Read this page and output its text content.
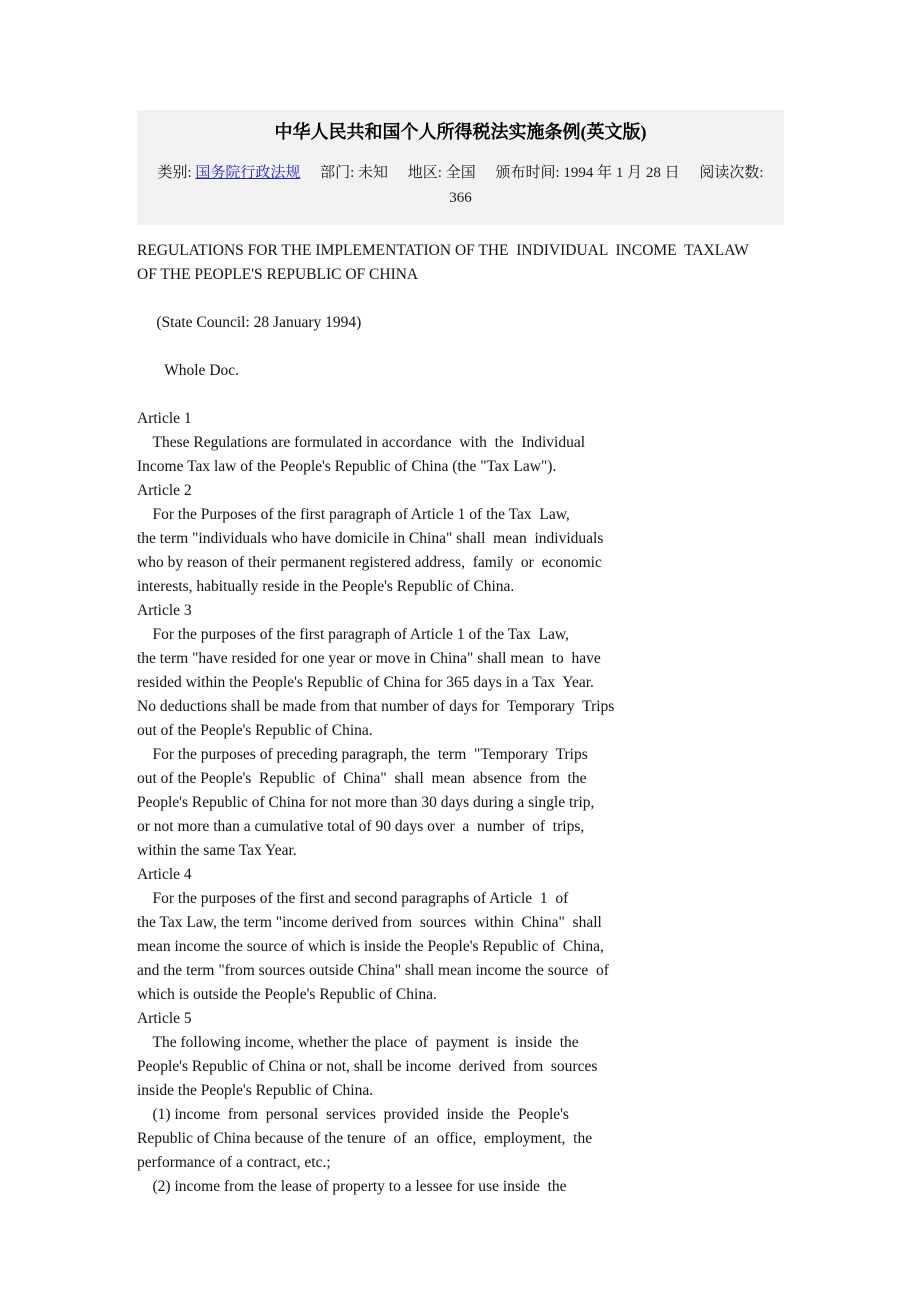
中华人民共和国个人所得税法实施条例(英文版)
类别: 国务院行政法规 部门: 未知 地区: 全国 颁布时间: 1994 年 1 月 28 日 阅读次数:
366
REGULATIONS FOR THE IMPLEMENTATION OF THE  INDIVIDUAL  INCOME  TAXLAW
OF THE PEOPLE'S REPUBLIC OF CHINA
(State Council: 28 January 1994)
Whole Doc.
Article 1
These Regulations are formulated in accordance  with  the  Individual
Income Tax law of the People's Republic of China (the "Tax Law").
Article 2
For the Purposes of the first paragraph of Article 1 of the Tax  Law,
the term "individuals who have domicile in China" shall  mean  individuals
who by reason of their permanent registered address,  family  or  economic
interests, habitually reside in the People's Republic of China.
Article 3
For the purposes of the first paragraph of Article 1 of the Tax  Law,
the term "have resided for one year or move in China" shall mean  to  have
resided within the People's Republic of China for 365 days in a Tax  Year.
No deductions shall be made from that number of days for  Temporary  Trips
out of the People's Republic of China.
For the purposes of preceding paragraph, the  term  "Temporary  Trips
out of the People's  Republic  of  China"  shall  mean  absence  from  the
People's Republic of China for not more than 30 days during a single trip,
or not more than a cumulative total of 90 days over  a  number  of  trips,
within the same Tax Year.
Article 4
For the purposes of the first and second paragraphs of Article  1  of
the Tax Law, the term "income derived from  sources  within  China"  shall
mean income the source of which is inside the People's Republic of  China,
and the term "from sources outside China" shall mean income the source  of
which is outside the People's Republic of China.
Article 5
The following income, whether the place  of  payment  is  inside  the
People's Republic of China or not, shall be income  derived  from  sources
inside the People's Republic of China.
(1) income  from  personal  services  provided  inside  the  People's
Republic of China because of the tenure  of  an  office,  employment,  the
performance of a contract, etc.;
(2) income from the lease of property to a lessee for use inside  the
